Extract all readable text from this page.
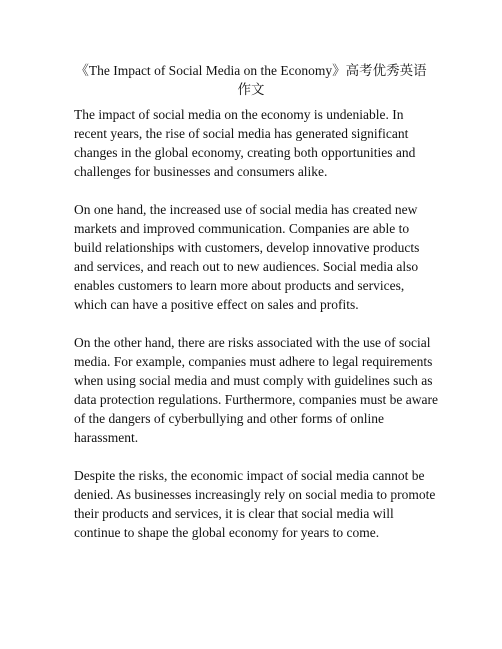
《The Impact of Social Media on the Economy》高考优秀英语
作文

The impact of social media on the economy is undeniable. In
recent years, the rise of social media has generated significant
changes in the global economy, creating both opportunities and
challenges for businesses and consumers alike.

On one hand, the increased use of social media has created new
markets and improved communication. Companies are able to
build relationships with customers, develop innovative products
and services, and reach out to new audiences. Social media also
enables customers to learn more about products and services,
which can have a positive effect on sales and profits.

On the other hand, there are risks associated with the use of social
media. For example, companies must adhere to legal requirements
when using social media and must comply with guidelines such as
data protection regulations. Furthermore, companies must be aware
of the dangers of cyberbullying and other forms of online
harassment.

Despite the risks, the economic impact of social media cannot be
denied. As businesses increasingly rely on social media to promote
their products and services, it is clear that social media will
continue to shape the global economy for years to come.
